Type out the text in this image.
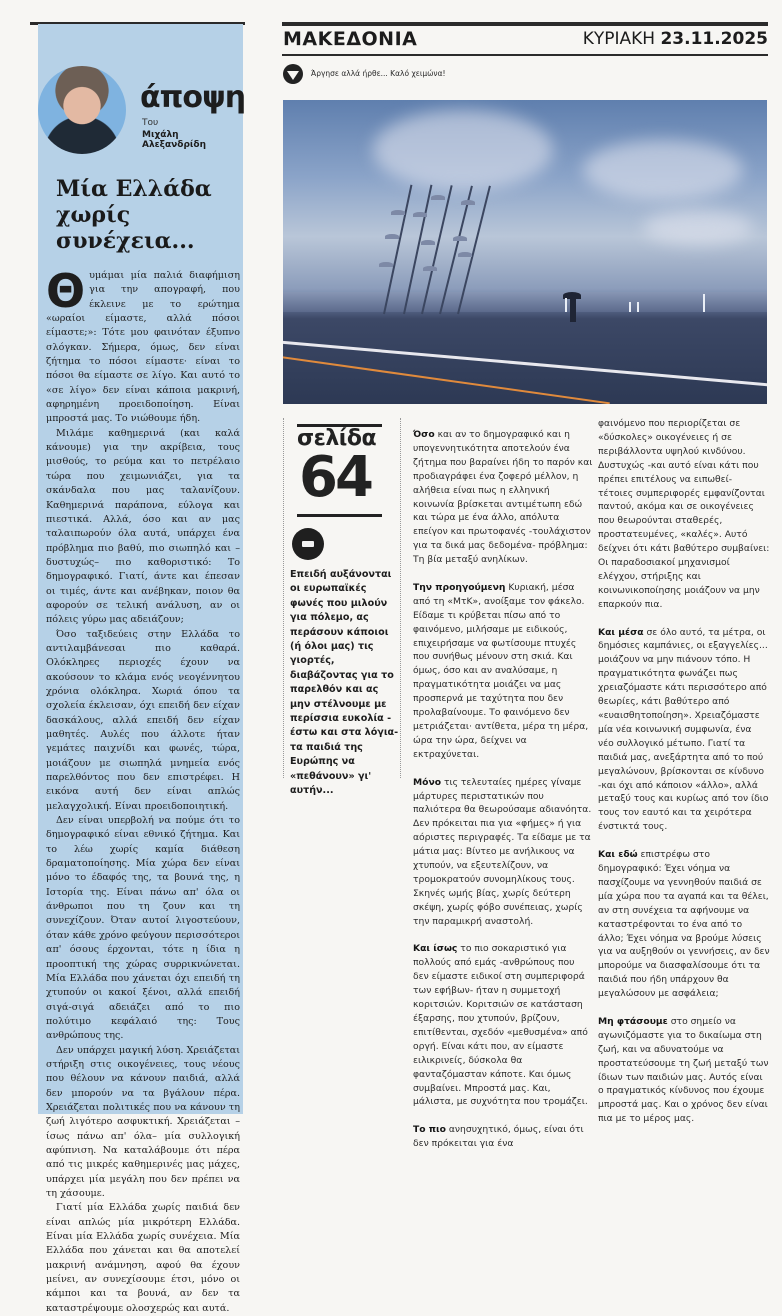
άποψη
Του
Μιχάλη Αλεξανδρίδη
Μία Ελλάδα χωρίς συνέχεια...

Θυμάμαι μία παλιά διαφήμιση για την απογραφή, που έκλεινε με το ερώτημα «ωραίοι είμαστε, αλλά πόσοι είμαστε;»: Τότε μου φαινόταν έξυπνο σλόγκαν. Σήμερα, όμως, δεν είναι ζήτημα το πόσοι είμαστε· είναι το πόσοι θα είμαστε σε λίγο. Και αυτό το «σε λίγο» δεν είναι κάποια μακρινή, αφηρημένη προειδοποίηση. Είναι μπροστά μας. Το νιώθουμε ήδη.

Μιλάμε καθημερινά (και καλά κάνουμε) για την ακρίβεια, τους μισθούς, το ρεύμα και το πετρέλαιο τώρα που χειμωνιάζει, για τα σκάνδαλα που μας ταλανίζουν. Καθημερινά παράπονα, εύλογα και πιεστικά. Αλλά, όσο και αν μας ταλαιπωρούν όλα αυτά, υπάρχει ένα πρόβλημα πιο βαθύ, πιο σιωπηλό και –δυστυχώς– πιο καθοριστικό: Το δημογραφικό. Γιατί, άντε και έπεσαν οι τιμές, άντε και ανέβηκαν, ποιον θα αφορούν σε τελική ανάλυση, αν οι πόλεις γύρω μας αδειάζουν;

Όσο ταξιδεύεις στην Ελλάδα το αντιλαμβάνεσαι πιο καθαρά. Ολόκληρες περιοχές έχουν να ακούσουν το κλάμα ενός νεογέννητου χρόνια ολόκληρα. Χωριά όπου τα σχολεία έκλεισαν, όχι επειδή δεν είχαν δασκάλους, αλλά επειδή δεν είχαν μαθητές. Αυλές που άλλοτε ήταν γεμάτες παιχνίδι και φωνές, τώρα, μοιάζουν με σιωπηλά μνημεία ενός παρελθόντος που δεν επιστρέφει. Η εικόνα αυτή δεν είναι απλώς μελαγχολική. Είναι προειδοποιητική.

Δεν είναι υπερβολή να πούμε ότι το δημογραφικό είναι εθνικό ζήτημα. Και το λέω χωρίς καμία διάθεση δραματοποίησης. Μία χώρα δεν είναι μόνο το έδαφός της, τα βουνά της, η Ιστορία της. Είναι πάνω απ' όλα οι άνθρωποι που τη ζουν και τη συνεχίζουν. Όταν αυτοί λιγοστεύουν, όταν κάθε χρόνο φεύγουν περισσότεροι απ' όσους έρχονται, τότε η ίδια η προοπτική της χώρας συρρικνώνεται. Μία Ελλάδα που χάνεται όχι επειδή τη χτυπούν οι κακοί ξένοι, αλλά επειδή σιγά-σιγά αδειάζει από το πιο πολύτιμο κεφάλαιό της: Τους ανθρώπους της.

Δεν υπάρχει μαγική λύση. Χρειάζεται στήριξη στις οικογένειες, τους νέους που θέλουν να κάνουν παιδιά, αλλά δεν μπορούν να τα βγάλουν πέρα. Χρειάζεται πολιτικές που να κάνουν τη ζωή λιγότερο ασφυκτική. Χρειάζεται –ίσως πάνω απ' όλα– μία συλλογική αφύπνιση. Να καταλάβουμε ότι πέρα από τις μικρές καθημερινές μας μάχες, υπάρχει μία μεγάλη που δεν πρέπει να τη χάσουμε.

Γιατί μία Ελλάδα χωρίς παιδιά δεν είναι απλώς μία μικρότερη Ελλάδα. Είναι μία Ελλάδα χωρίς συνέχεια. Μία Ελλάδα που χάνεται και θα αποτελεί μακρινή ανάμνηση, αφού θα έχουν μείνει, αν συνεχίσουμε έτσι, μόνο οι κάμποι και τα βουνά, αν δεν τα καταστρέψουμε ολοσχερώς και αυτά.

ΜΑΚΕΔΟΝΙΑ	ΚΥΡΙΑΚΗ 23.11.2025
Άργησε αλλά ήρθε... Καλό χειμώνα!
σελίδα
64
Επειδή αυξάνονται οι ευρωπαϊκές φωνές που μιλούν για πόλεμο, ας περάσουν κάποιοι (ή όλοι μας) τις γιορτές, διαβάζοντας για το παρελθόν και ας μην στέλνουμε με περίσσια ευκολία - έστω και στα λόγια- τα παιδιά της Ευρώπης να «πεθάνουν» γι' αυτήν...

Όσο και αν το δημογραφικό και η υπογεννητικότητα αποτελούν ένα ζήτημα που βαραίνει ήδη το παρόν και προδιαγράφει ένα ζοφερό μέλλον, η αλήθεια είναι πως η ελληνική κοινωνία βρίσκεται αντιμέτωπη εδώ και τώρα με ένα άλλο, απόλυτα επείγον και πρωτοφανές -τουλάχιστον για τα δικά μας δεδομένα- πρόβλημα: Τη βία μεταξύ ανηλίκων.

Την προηγούμενη Κυριακή, μέσα από τη «ΜτΚ», ανοίξαμε τον φάκελο. Είδαμε τι κρύβεται πίσω από το φαινόμενο, μιλήσαμε με ειδικούς, επιχειρήσαμε να φωτίσουμε πτυχές που συνήθως μένουν στη σκιά. Και όμως, όσο και αν αναλύσαμε, η πραγματικότητα μοιάζει να μας προσπερνά με ταχύτητα που δεν προλαβαίνουμε. Το φαινόμενο δεν μετριάζεται· αντίθετα, μέρα τη μέρα, ώρα την ώρα, δείχνει να εκτραχύνεται.

Μόνο τις τελευταίες ημέρες γίναμε μάρτυρες περιστατικών που παλιότερα θα θεωρούσαμε αδιανόητα. Δεν πρόκειται πια για «φήμες» ή για αόριστες περιγραφές. Τα είδαμε με τα μάτια μας: Βίντεο με ανήλικους να χτυπούν, να εξευτελίζουν, να τρομοκρατούν συνομηλίκους τους. Σκηνές ωμής βίας, χωρίς δεύτερη σκέψη, χωρίς φόβο συνέπειας, χωρίς την παραμικρή αναστολή.

Και ίσως το πιο σοκαριστικό για πολλούς από εμάς -ανθρώπους που δεν είμαστε ειδικοί στη συμπεριφορά των εφήβων- ήταν η συμμετοχή κοριτσιών. Κοριτσιών σε κατάσταση έξαρσης, που χτυπούν, βρίζουν, επιτίθενται, σχεδόν «μεθυσμένα» από οργή. Είναι κάτι που, αν είμαστε ειλικρινείς, δύσκολα θα φανταζόμασταν κάποτε. Και όμως συμβαίνει. Μπροστά μας. Και, μάλιστα, με συχνότητα που τρομάζει.

Το πιο ανησυχητικό, όμως, είναι ότι δεν πρόκειται για ένα

φαινόμενο που περιορίζεται σε «δύσκολες» οικογένειες ή σε περιβάλλοντα υψηλού κινδύνου. Δυστυχώς -και αυτό είναι κάτι που πρέπει επιτέλους να ειπωθεί- τέτοιες συμπεριφορές εμφανίζονται παντού, ακόμα και σε οικογένειες που θεωρούνται σταθερές, προστατευμένες, «καλές». Αυτό δείχνει ότι κάτι βαθύτερο συμβαίνει: Οι παραδοσιακοί μηχανισμοί ελέγχου, στήριξης και κοινωνικοποίησης μοιάζουν να μην επαρκούν πια.

Και μέσα σε όλο αυτό, τα μέτρα, οι δημόσιες καμπάνιες, οι εξαγγελίες... μοιάζουν να μην πιάνουν τόπο. Η πραγματικότητα φωνάζει πως χρειαζόμαστε κάτι περισσότερο από θεωρίες, κάτι βαθύτερο από «ευαισθητοποίηση». Χρειαζόμαστε μία νέα κοινωνική συμφωνία, ένα νέο συλλογικό μέτωπο. Γιατί τα παιδιά μας, ανεξάρτητα από το πού μεγαλώνουν, βρίσκονται σε κίνδυνο -και όχι από κάποιον «άλλο», αλλά μεταξύ τους και κυρίως από τον ίδιο τους τον εαυτό και τα χειρότερα ένστικτά τους.

Και εδώ επιστρέφω στο δημογραφικό: Έχει νόημα να πασχίζουμε να γεννηθούν παιδιά σε μία χώρα που τα αγαπά και τα θέλει, αν στη συνέχεια τα αφήνουμε να καταστρέφονται το ένα από το άλλο; Έχει νόημα να βρούμε λύσεις για να αυξηθούν οι γεννήσεις, αν δεν μπορούμε να διασφαλίσουμε ότι τα παιδιά που ήδη υπάρχουν θα μεγαλώσουν με ασφάλεια;

Μη φτάσουμε στο σημείο να αγωνιζόμαστε για το δικαίωμα στη ζωή, και να αδυνατούμε να προστατεύσουμε τη ζωή μεταξύ των ίδιων των παιδιών μας. Αυτός είναι ο πραγματικός κίνδυνος που έχουμε μπροστά μας. Και ο χρόνος δεν είναι πια με το μέρος μας.
